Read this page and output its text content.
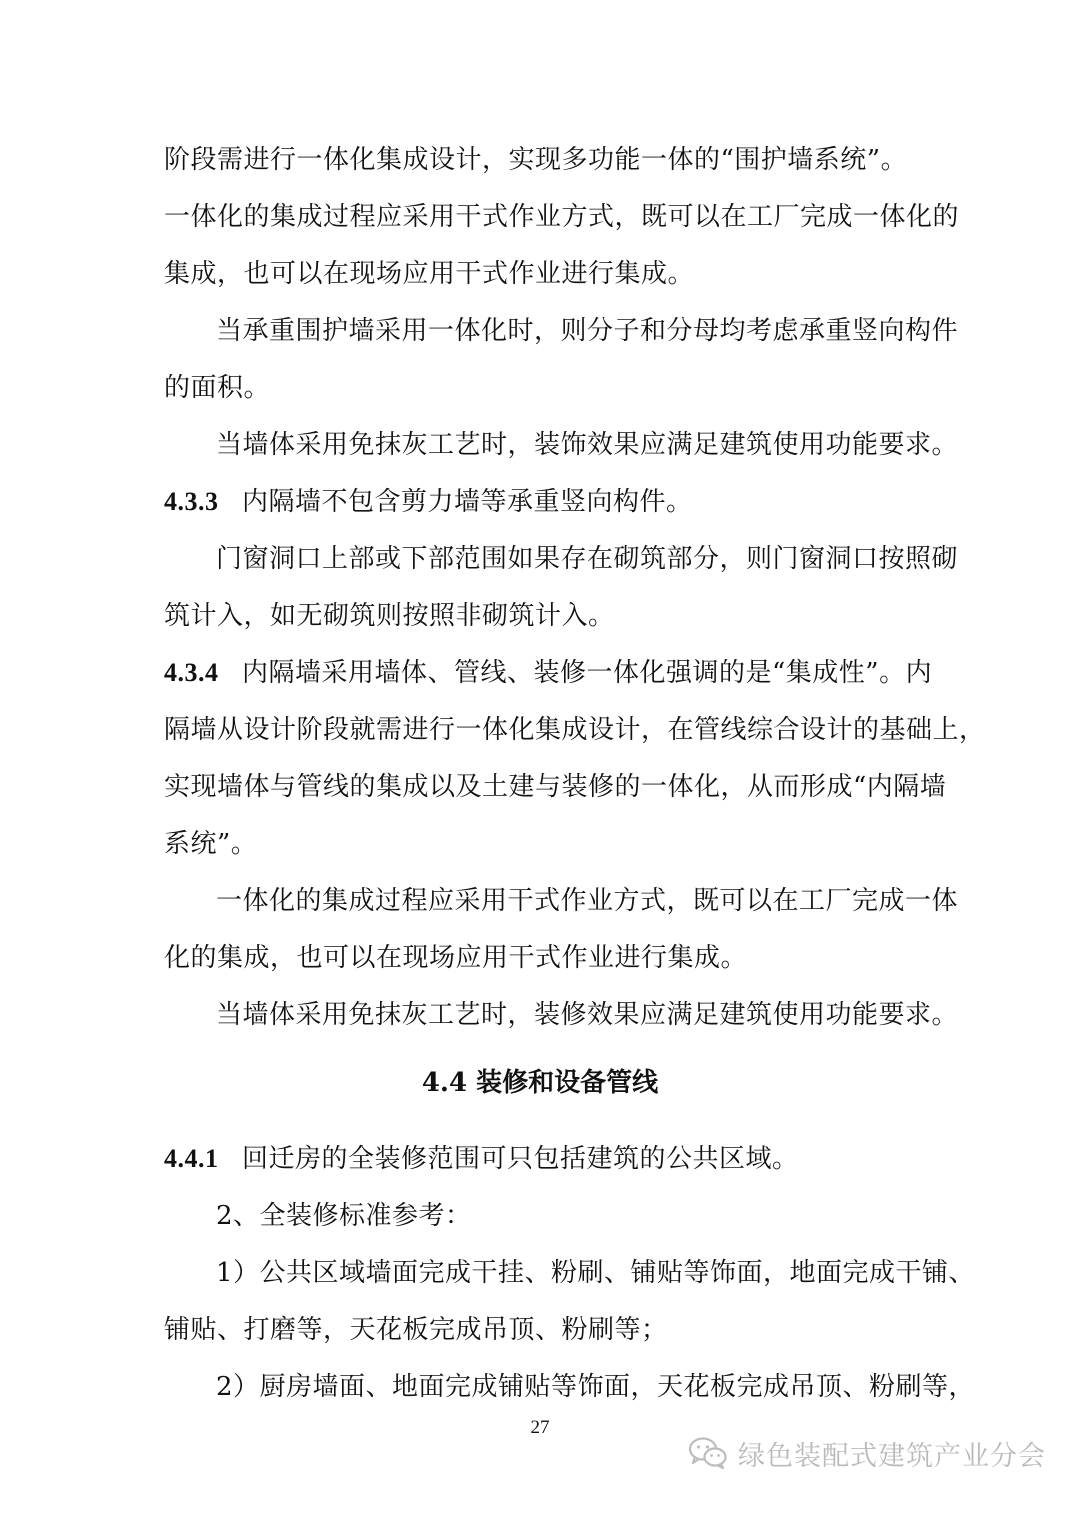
阶段需进行一体化集成设计，实现多功能一体的“围护墙系统”。
一体化的集成过程应采用干式作业方式，既可以在工厂完成一体化的
集成，也可以在现场应用干式作业进行集成。
当承重围护墙采用一体化时，则分子和分母均考虑承重竖向构件
的面积。
当墙体采用免抹灰工艺时，装饰效果应满足建筑使用功能要求。
4.3.3 内隔墙不包含剪力墙等承重竖向构件。
门窗洞口上部或下部范围如果存在砌筑部分，则门窗洞口按照砌
筑计入，如无砌筑则按照非砌筑计入。
4.3.4 内隔墙采用墙体、管线、装修一体化强调的是“集成性”。内
隔墙从设计阶段就需进行一体化集成设计，在管线综合设计的基础上，
实现墙体与管线的集成以及土建与装修的一体化，从而形成“内隔墙
系统”。
一体化的集成过程应采用干式作业方式，既可以在工厂完成一体
化的集成，也可以在现场应用干式作业进行集成。
当墙体采用免抹灰工艺时，装修效果应满足建筑使用功能要求。
4.4 装修和设备管线
4.4.1 回迁房的全装修范围可只包括建筑的公共区域。
2、全装修标准参考：
1）公共区域墙面完成干挂、粉刷、铺贴等饰面，地面完成干铺、
铺贴、打磨等，天花板完成吊顶、粉刷等；
2）厨房墙面、地面完成铺贴等饰面，天花板完成吊顶、粉刷等，
27
绿色装配式建筑产业分会
